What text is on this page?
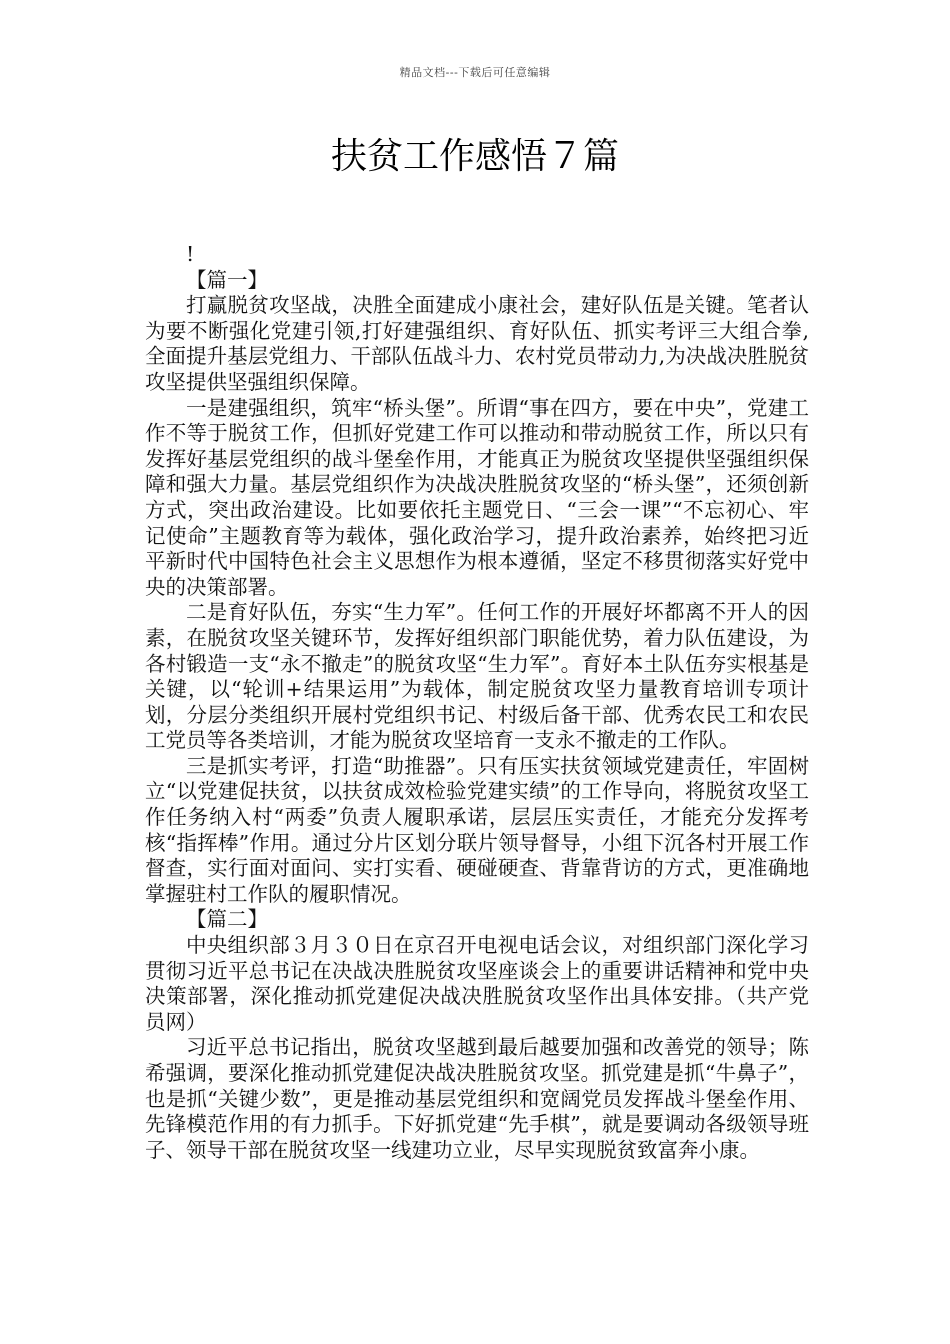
精品文档---下载后可任意编辑
扶贫工作感悟７篇

!

【篇一】

打赢脱贫攻坚战，决胜全面建成小康社会，建好队伍是关键。笔者认为要不断强化党建引领,打好建强组织、育好队伍、抓实考评三大组合拳,全面提升基层党组力、干部队伍战斗力、农村党员带动力,为决战决胜脱贫攻坚提供坚强组织保障。

一是建强组织，筑牢“桥头堡”。所谓“事在四方，要在中央”，党建工作不等于脱贫工作，但抓好党建工作可以推动和带动脱贫工作，所以只有发挥好基层党组织的战斗堡垒作用，才能真正为脱贫攻坚提供坚强组织保障和强大力量。基层党组织作为决战决胜脱贫攻坚的“桥头堡”，还须创新方式，突出政治建设。比如要依托主题党日、“三会一课”“不忘初心、牢记使命”主题教育等为载体，强化政治学习，提升政治素养，始终把习近平新时代中国特色社会主义思想作为根本遵循，坚定不移贯彻落实好党中央的决策部署。

二是育好队伍，夯实“生力军”。任何工作的开展好坏都离不开人的因素，在脱贫攻坚关键环节，发挥好组织部门职能优势，着力队伍建设，为各村锻造一支“永不撤走”的脱贫攻坚“生力军”。育好本土队伍夯实根基是关键，以“轮训+结果运用”为载体，制定脱贫攻坚力量教育培训专项计划，分层分类组织开展村党组织书记、村级后备干部、优秀农民工和农民工党员等各类培训，才能为脱贫攻坚培育一支永不撤走的工作队。

三是抓实考评，打造“助推器”。只有压实扶贫领域党建责任，牢固树立“以党建促扶贫，以扶贫成效检验党建实绩”的工作导向，将脱贫攻坚工作任务纳入村“两委”负责人履职承诺，层层压实责任，才能充分发挥考核“指挥棒”作用。通过分片区划分联片领导督导，小组下沉各村开展工作督查，实行面对面问、实打实看、硬碰硬查、背靠背访的方式，更准确地掌握驻村工作队的履职情况。

【篇二】

中央组织部３月３０日在京召开电视电话会议，对组织部门深化学习贯彻习近平总书记在决战决胜脱贫攻坚座谈会上的重要讲话精神和党中央决策部署，深化推动抓党建促决战决胜脱贫攻坚作出具体安排。（共产党员网）

习近平总书记指出，脱贫攻坚越到最后越要加强和改善党的领导；陈希强调，要深化推动抓党建促决战决胜脱贫攻坚。抓党建是抓“牛鼻子”，也是抓“关键少数”，更是推动基层党组织和宽阔党员发挥战斗堡垒作用、先锋模范作用的有力抓手。下好抓党建“先手棋”，就是要调动各级领导班子、领导干部在脱贫攻坚一线建功立业，尽早实现脱贫致富奔小康。
